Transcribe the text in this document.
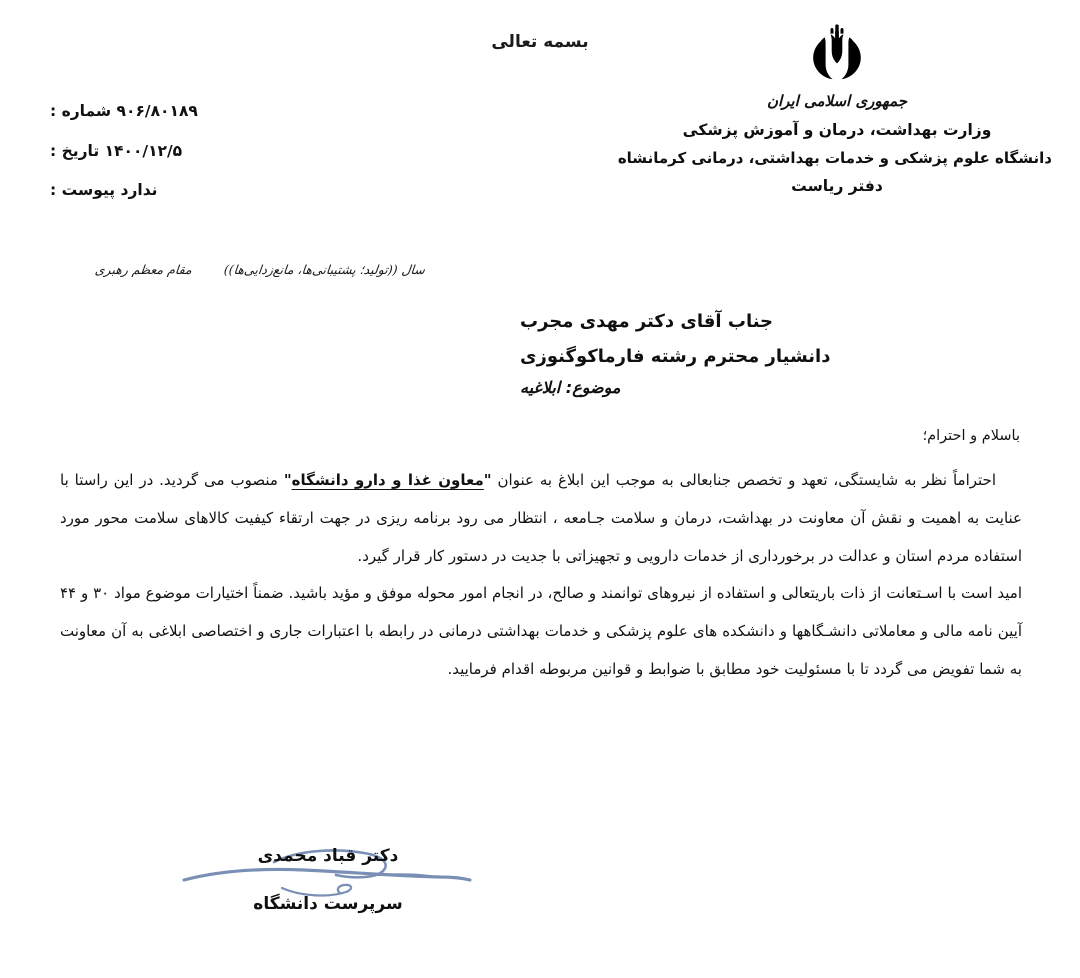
بسمه تعالی
جمهوری اسلامی ایران
وزارت بهداشت، درمان و آموزش پزشکی
دانشگاه علوم پزشکی و خدمات بهداشتی، درمانی کرمانشاه
دفتر ریاست
۹۰۶/۸۰۱۸۹ شماره :
۱۴۰۰/۱۲/۵ تاریخ :
ندارد پیوست :
سال ((تولید؛ پشتیبانی‌ها، مانع‌زدایی‌ها))
مقام معظم رهبری
جناب آقای دکتر مهدی مجرب
دانشیار محترم رشته فارماکوگنوزی
موضوع: ابلاغیه
باسلام و احترام؛

احتراماً نظر به شایستگی، تعهد و تخصص جنابعالی به موجب این ابلاغ به عنوان "معاون غذا و دارو دانشگاه" منصوب می گردید. در این راستا با عنایت به اهمیت و نقش آن معاونت در بهداشت، درمان و سلامت جـامعه ، انتظار می رود برنامه ریزی در جهت ارتقاء کیفیت کالاهای سلامت محور مورد استفاده مردم استان و عدالت در برخورداری از خدمات دارویی و تجهیزاتی با جدیت در دستور کار قرار گیرد.

امید است با اسـتعانت از ذات باریتعالی و استفاده از نیروهای توانمند و صالح، در انجام امور محوله موفق و مؤید باشید. ضمناً اختیارات موضوع مواد ۳۰ و ۴۴ آیین نامه مالی و معاملاتی دانشـگاهها و دانشکده های علوم پزشکی و خدمات بهداشتی درمانی در رابطه با اعتبارات جاری و اختصاصی ابلاغی به آن معاونت به شما تفویض می گردد تا با مسئولیت خود مطابق با ضوابط و قوانین مربوطه اقدام فرمایید.

دکتر قباد محمدی
سرپرست دانشگاه
